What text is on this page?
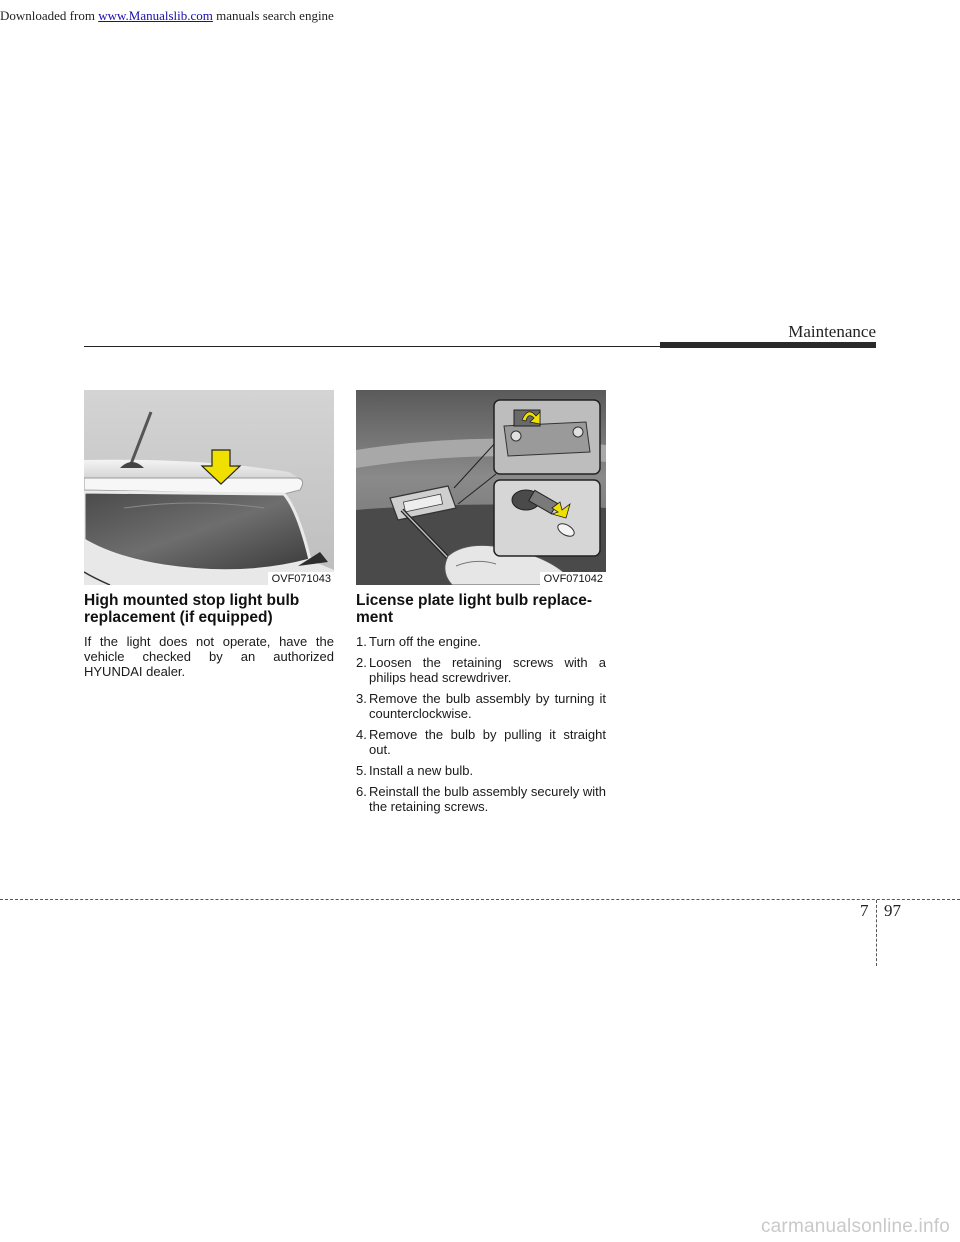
Downloaded from www.Manualslib.com manuals search engine
Maintenance
OVF071043	OVF071042
High mounted stop light bulb
replacement (if equipped)

If the light does not operate, have the vehicle checked by an authorized HYUNDAI dealer.

License plate light bulb replace-
ment
1. Turn off the engine.
2. Loosen the retaining screws with a philips head screwdriver.
3. Remove the bulb assembly by turning it counterclockwise.
4. Remove the bulb by pulling it straight out.
5. Install a new bulb.
6. Reinstall the bulb assembly securely with the retaining screws.
7 97
carmanualsonline.info
